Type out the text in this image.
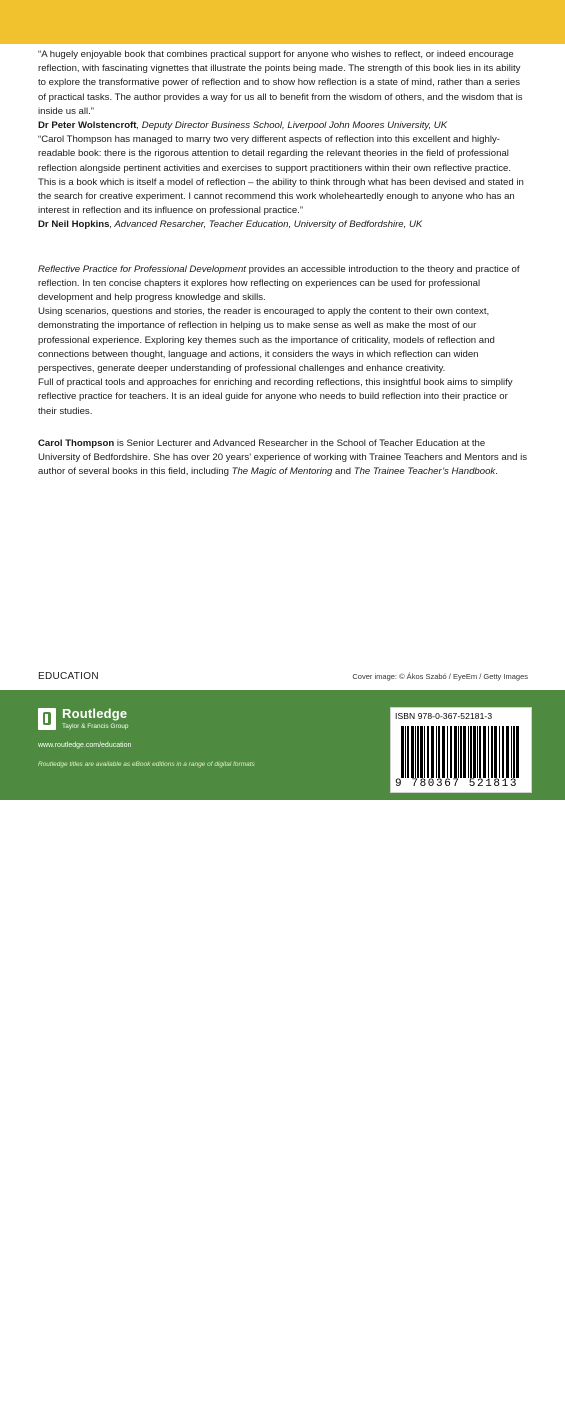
“A hugely enjoyable book that combines practical support for anyone who wishes to reflect, or indeed encourage reflection, with fascinating vignettes that illustrate the points being made. The strength of this book lies in its ability to explore the transformative power of reflection and to show how reflection is a state of mind, rather than a series of practical tasks. The author provides a way for us all to benefit from the wisdom of others, and the wisdom that is inside us all.”
Dr Peter Wolstencroft, Deputy Director Business School, Liverpool John Moores University, UK

“Carol Thompson has managed to marry two very different aspects of reflection into this excellent and highly-readable book: there is the rigorous attention to detail regarding the relevant theories in the field of professional reflection alongside pertinent activities and exercises to support practitioners within their own reflective practice. This is a book which is itself a model of reflection – the ability to think through what has been devised and stated in the search for creative experiment. I cannot recommend this work wholeheartedly enough to anyone who has an interest in reflection and its influence on professional practice.”
Dr Neil Hopkins, Advanced Resarcher, Teacher Education, University of Bedfordshire, UK

Reflective Practice for Professional Development provides an accessible introduction to the theory and practice of reflection. In ten concise chapters it explores how reflecting on experiences can be used for professional development and help progress knowledge and skills.

Using scenarios, questions and stories, the reader is encouraged to apply the content to their own context, demonstrating the importance of reflection in helping us to make sense as well as make the most of our professional experience. Exploring key themes such as the importance of criticality, models of reflection and connections between thought, language and actions, it considers the ways in which reflection can widen perspectives, generate deeper understanding of professional challenges and enhance creativity.

Full of practical tools and approaches for enriching and recording reflections, this insightful book aims to simplify reflective practice for teachers. It is an ideal guide for anyone who needs to build reflection into their practice or their studies.

Carol Thompson is Senior Lecturer and Advanced Researcher in the School of Teacher Education at the University of Bedfordshire. She has over 20 years’ experience of working with Trainee Teachers and Mentors and is author of several books in this field, including The Magic of Mentoring and The Trainee Teacher’s Handbook.

EDUCATION	Cover image: © Ákos Szabó / EyeEm / Getty Images
Routledge
Taylor & Francis Group
www.routledge.com/education
Routledge titles are available as eBook editions in a range of digital formats
90000
ISBN 978-0-367-52181-3
9 780367 521813
